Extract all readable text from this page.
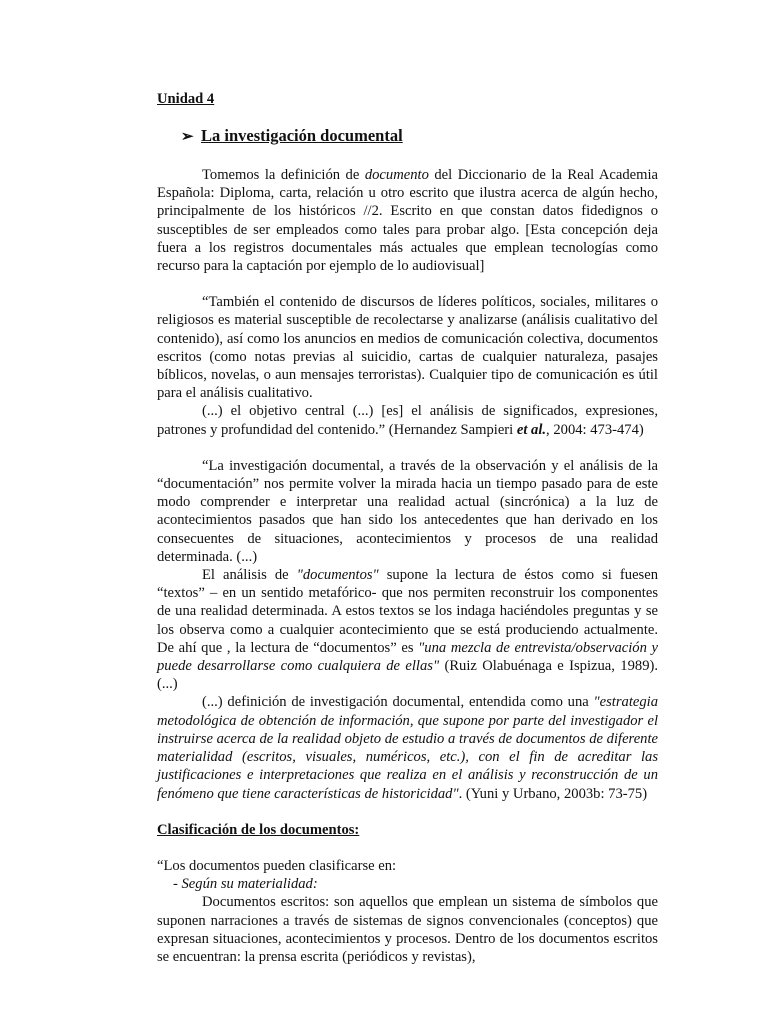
Unidad 4

➢ La investigación documental

Tomemos la definición de documento del Diccionario de la Real Academia Española: Diploma, carta, relación u otro escrito que ilustra acerca de algún hecho, principalmente de los históricos //2. Escrito en que constan datos fidedignos o susceptibles de ser empleados como tales para probar algo. [Esta concepción deja fuera a los registros documentales más actuales que emplean tecnologías como recurso para la captación por ejemplo de lo audiovisual]

“También el contenido de discursos de líderes políticos, sociales, militares o religiosos es material susceptible de recolectarse y analizarse (análisis cualitativo del contenido), así como los anuncios en medios de comunicación colectiva, documentos escritos (como notas previas al suicidio, cartas de cualquier naturaleza, pasajes bíblicos, novelas, o aun mensajes terroristas). Cualquier tipo de comunicación es útil para el análisis cualitativo.

(...) el objetivo central (...) [es] el análisis de significados, expresiones, patrones y profundidad del contenido.” (Hernandez Sampieri et al., 2004: 473-474)

“La investigación documental, a través de la observación y el análisis de la “documentación” nos permite volver la mirada hacia un tiempo pasado para de este modo comprender e interpretar una realidad actual (sincrónica) a la luz de acontecimientos pasados que han sido los antecedentes que han derivado en los consecuentes de situaciones, acontecimientos y procesos de una realidad determinada. (...)

El análisis de "documentos" supone la lectura de éstos como si fuesen “textos” – en un sentido metafórico- que nos permiten reconstruir los componentes de una realidad determinada. A estos textos se los indaga haciéndoles preguntas y se los observa como a cualquier acontecimiento que se está produciendo actualmente. De ahí que , la lectura de “documentos” es "una mezcla de entrevista/observación y puede desarrollarse como cualquiera de ellas" (Ruiz Olabuénaga e Ispizua, 1989). (...)

(...) definición de investigación documental, entendida como una "estrategia metodológica de obtención de información, que supone por parte del investigador el instruirse acerca de la realidad objeto de estudio a través de documentos de diferente materialidad (escritos, visuales, numéricos, etc.), con el fin de acreditar las justificaciones e interpretaciones que realiza en el análisis y reconstrucción de un fenómeno que tiene características de historicidad". (Yuni y Urbano, 2003b: 73-75)

Clasificación de los documentos:

“Los documentos pueden clasificarse en:

- Según su materialidad:

Documentos escritos: son aquellos que emplean un sistema de símbolos que suponen narraciones a través de sistemas de signos convencionales (conceptos) que expresan situaciones, acontecimientos y procesos. Dentro de los documentos escritos se encuentran: la prensa escrita (periódicos y revistas),
